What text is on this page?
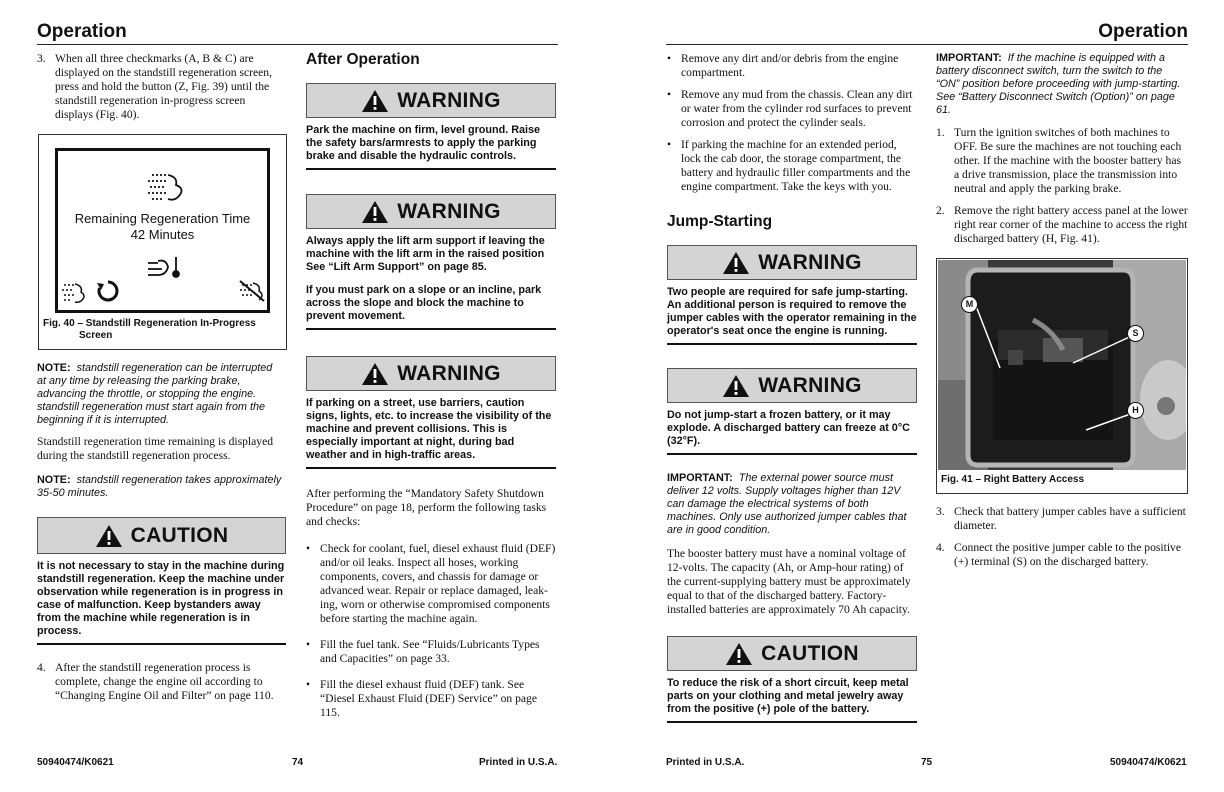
Operation
3. When all three checkmarks (A, B & C) are displayed on the standstill regeneration screen, press and hold the button (Z, Fig. 39) until the standstill regeneration in-progress screen displays (Fig. 40).
Remaining Regeneration Time
42 Minutes
Fig. 40 – Standstill Regeneration In-Progress
Screen
NOTE: standstill regeneration can be interrupted at any time by releasing the parking brake, advancing the throttle, or stopping the engine. standstill regeneration must start again from the beginning if it is interrupted.
Standstill regeneration time remaining is displayed during the standstill regeneration process.
NOTE: standstill regeneration takes approximately 35-50 minutes.
CAUTION

It is not necessary to stay in the machine during standstill regeneration. Keep the machine under observation while regeneration is in progress in case of malfunction. Keep bystanders away from the machine while regeneration is in process.

4. After the standstill regeneration process is complete, change the engine oil according to “Changing Engine Oil and Filter” on page 110.
After Operation
WARNING

Park the machine on firm, level ground. Raise the safety bars/armrests to apply the parking brake and disable the hydraulic controls.

WARNING

Always apply the lift arm support if leaving the machine with the lift arm in the raised position See “Lift Arm Support” on page 85.

If you must park on a slope or an incline, park across the slope and block the machine to prevent movement.

WARNING

If parking on a street, use barriers, caution signs, lights, etc. to increase the visibility of the machine and prevent collisions. This is especially important at night, during bad weather and in high-traffic areas.

After performing the “Mandatory Safety Shutdown Procedure” on page 18, perform the following tasks and checks:
• Check for coolant, fuel, diesel exhaust fluid (DEF) and/or oil leaks. Inspect all hoses, working components, covers, and chassis for damage or advanced wear. Repair or replace damaged, leak-ing, worn or otherwise compromised components before starting the machine again.
• Fill the fuel tank. See “Fluids/Lubricants Types and Capacities” on page 33.
• Fill the diesel exhaust fluid (DEF) tank. See “Diesel Exhaust Fluid (DEF) Service” on page 115.
50940474/K0621	74	Printed in U.S.A.
Operation
• Remove any dirt and/or debris from the engine compartment.
• Remove any mud from the chassis. Clean any dirt or water from the cylinder rod surfaces to prevent corrosion and protect the cylinder seals.
• If parking the machine for an extended period, lock the cab door, the storage compartment, the battery and hydraulic filler compartments and the engine compartment. Take the keys with you.
Jump-Starting
WARNING

Two people are required for safe jump-starting. An additional person is required to remove the jumper cables with the operator remaining in the operator's seat once the engine is running.

WARNING

Do not jump-start a frozen battery, or it may explode. A discharged battery can freeze at 0°C (32°F).

IMPORTANT: The external power source must deliver 12 volts. Supply voltages higher than 12V can damage the electrical systems of both machines. Only use authorized jumper cables that are in good condition.
The booster battery must have a nominal voltage of 12-volts. The capacity (Ah, or Amp-hour rating) of the current-supplying battery must be approximately equal to that of the discharged battery. Factory-installed batteries are approximately 70 Ah capacity.
CAUTION

To reduce the risk of a short circuit, keep metal parts on your clothing and metal jewelry away from the positive (+) pole of the battery.

IMPORTANT: If the machine is equipped with a battery disconnect switch, turn the switch to the “ON” position before proceeding with jump-starting. See “Battery Disconnect Switch (Option)” on page 61.
1. Turn the ignition switches of both machines to OFF. Be sure the machines are not touching each other. If the machine with the booster battery has a drive transmission, place the transmission into neutral and apply the parking brake.
2. Remove the right battery access panel at the lower right rear corner of the machine to access the right discharged battery (H, Fig. 41).
M
S
H
Fig. 41 – Right Battery Access
3. Check that battery jumper cables have a sufficient diameter.
4. Connect the positive jumper cable to the positive (+) terminal (S) on the discharged battery.
Printed in U.S.A.	75	50940474/K0621
